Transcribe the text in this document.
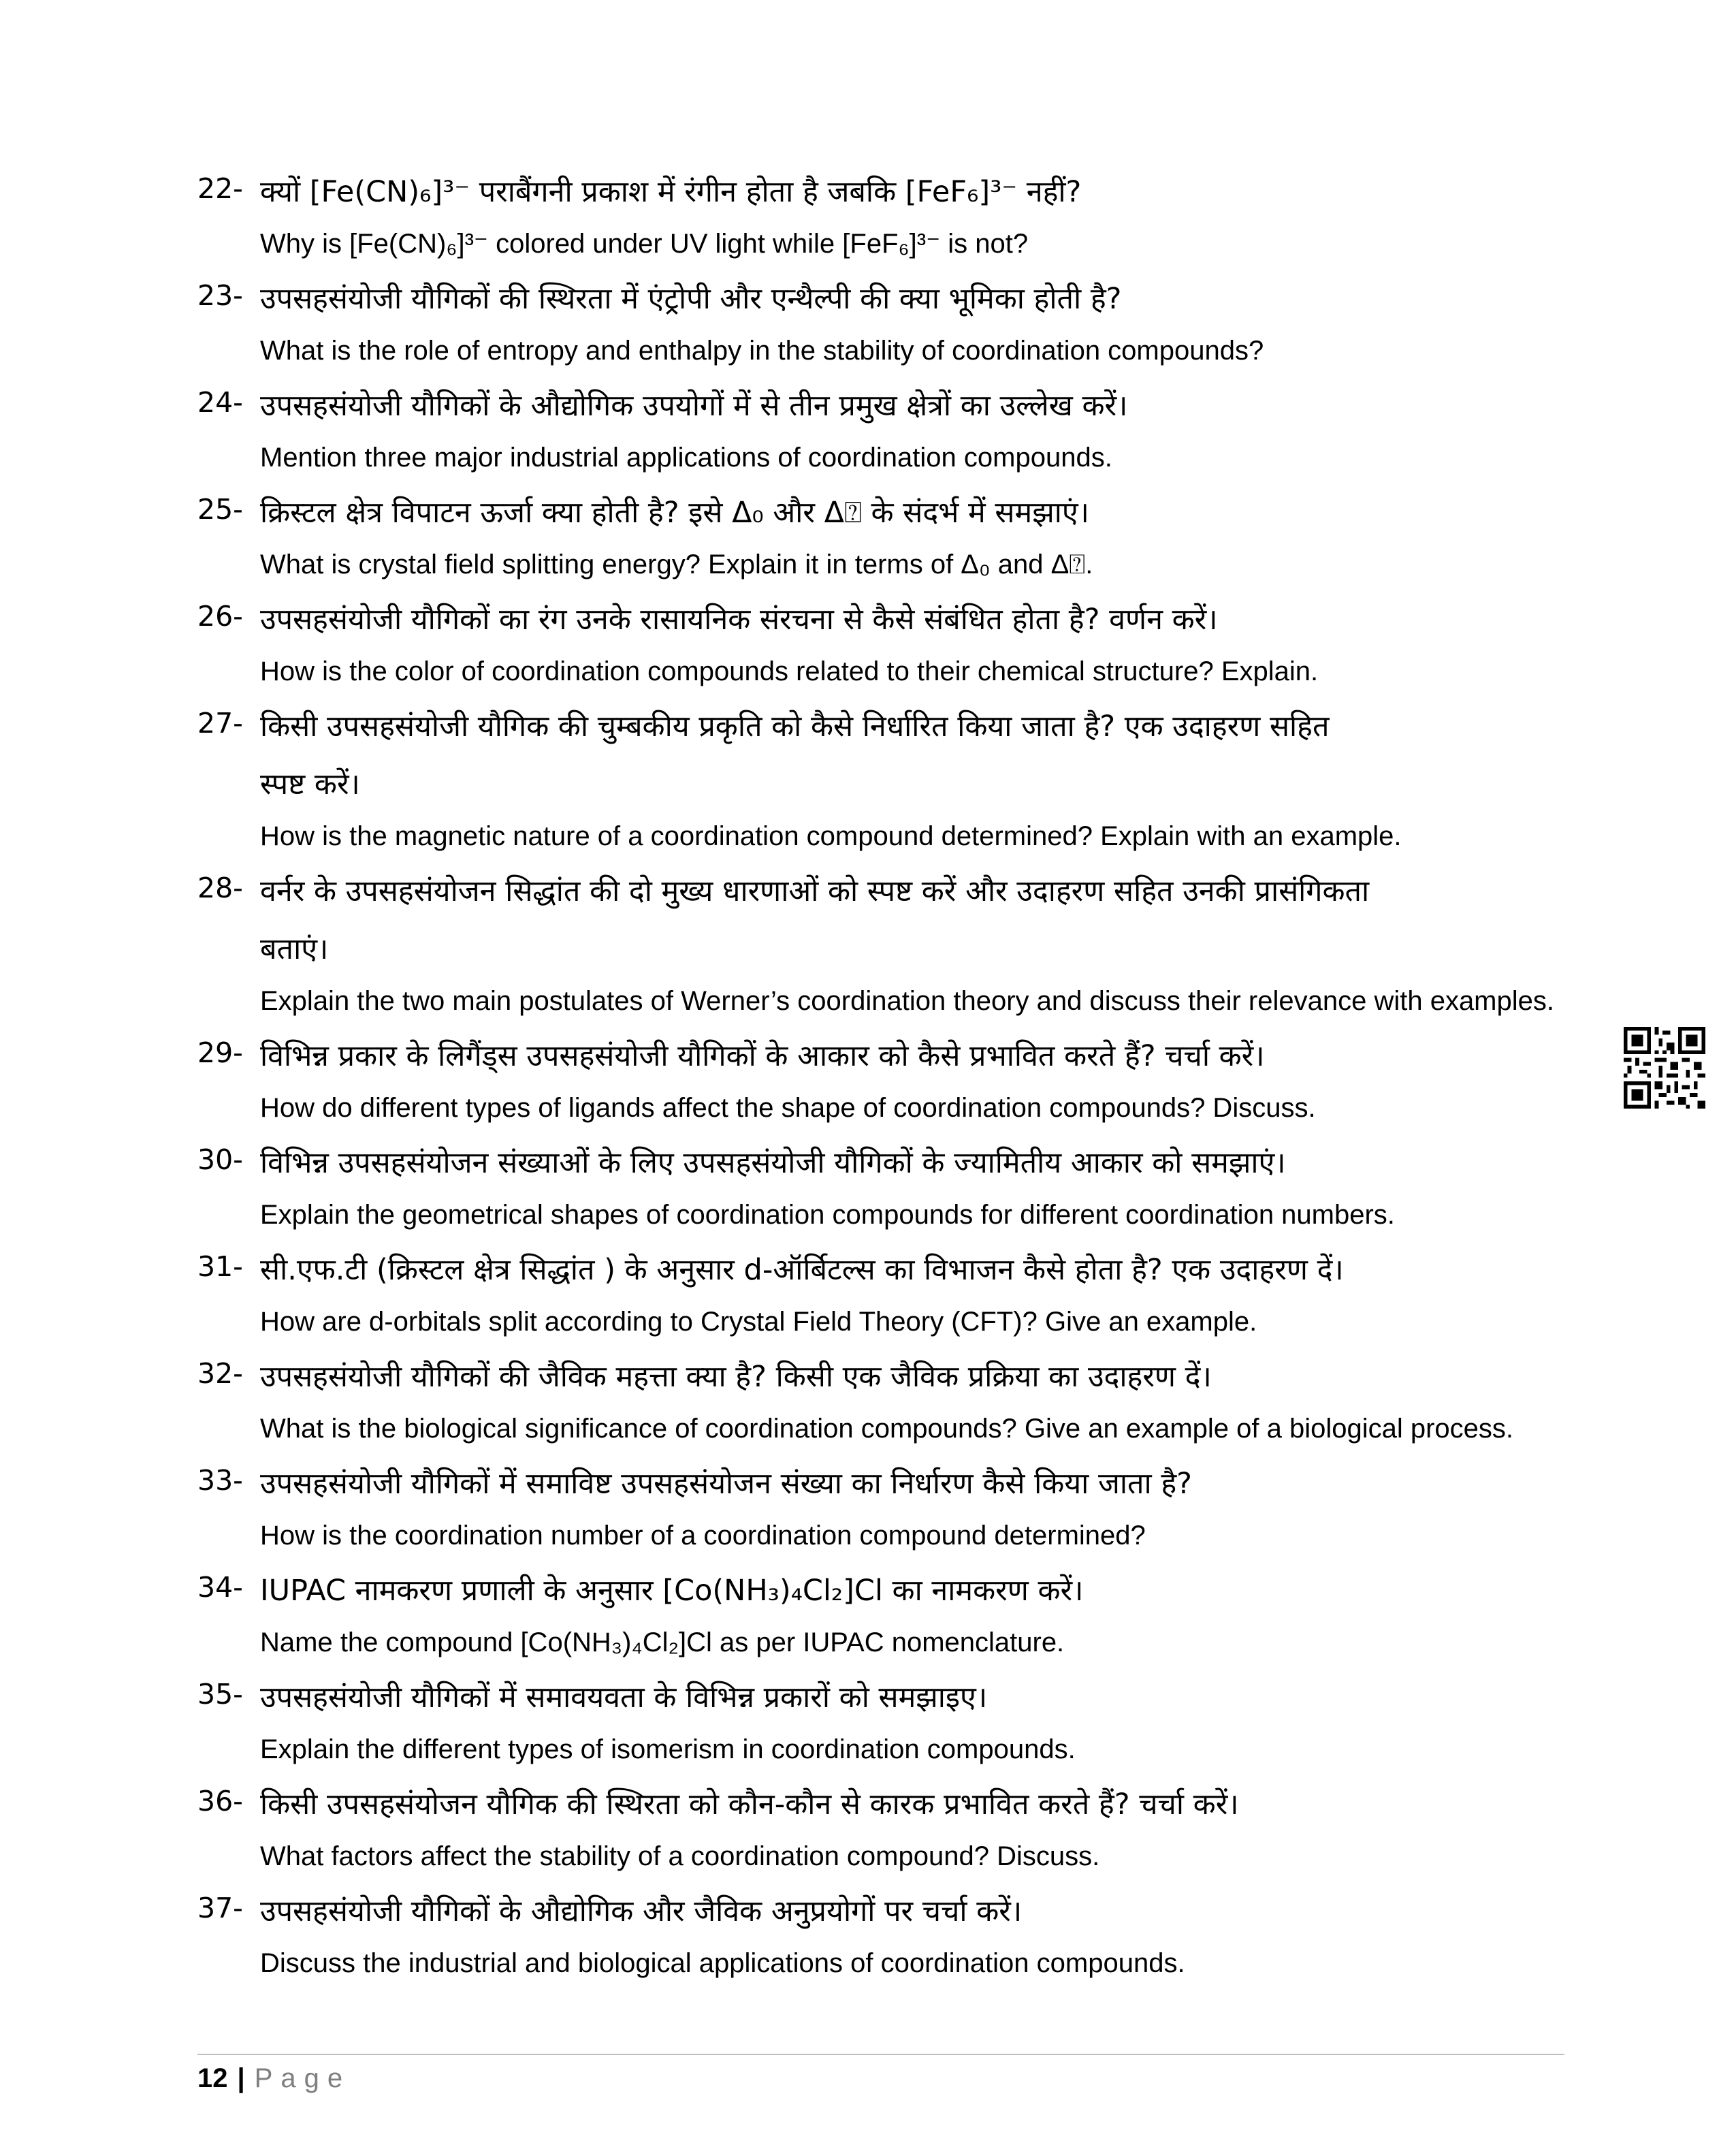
22- क्यों [Fe(CN)₆]³⁻ पराबैंगनी प्रकाश में रंगीन होता है जबकि [FeF₆]³⁻ नहीं?

Why is [Fe(CN)₆]³⁻ colored under UV light while [FeF₆]³⁻ is not?

23- उपसहसंयोजी यौगिकों की स्थिरता में एंट्रोपी और एन्थैल्पी की क्या भूमिका होती है?

What is the role of entropy and enthalpy in the stability of coordination compounds?

24- उपसहसंयोजी यौगिकों के औद्योगिक उपयोगों में से तीन प्रमुख क्षेत्रों का उल्लेख करें।

Mention three major industrial applications of coordination compounds.

25- क्रिस्टल क्षेत्र विपाटन ऊर्जा क्या होती है? इसे Δ₀ और Δ⍰ के संदर्भ में समझाएं।

What is crystal field splitting energy? Explain it in terms of Δ₀ and Δ⍰.

26- उपसहसंयोजी यौगिकों का रंग उनके रासायनिक संरचना से कैसे संबंधित होता है? वर्णन करें।

How is the color of coordination compounds related to their chemical structure? Explain.

27- किसी उपसहसंयोजी यौगिक की चुम्बकीय प्रकृति को कैसे निर्धारित किया जाता है? एक उदाहरण सहित

स्पष्ट करें।

How is the magnetic nature of a coordination compound determined? Explain with an example.

28- वर्नर के उपसहसंयोजन सिद्धांत की दो मुख्य धारणाओं को स्पष्ट करें और उदाहरण सहित उनकी प्रासंगिकता

बताएं।

Explain the two main postulates of Werner’s coordination theory and discuss their relevance with examples.

29- विभिन्न प्रकार के लिगैंड्स उपसहसंयोजी यौगिकों के आकार को कैसे प्रभावित करते हैं? चर्चा करें।

How do different types of ligands affect the shape of coordination compounds? Discuss.

30- विभिन्न उपसहसंयोजन संख्याओं के लिए उपसहसंयोजी यौगिकों के ज्यामितीय आकार को समझाएं।

Explain the geometrical shapes of coordination compounds for different coordination numbers.

31- सी.एफ.टी (क्रिस्टल क्षेत्र सिद्धांत ) के अनुसार d-ऑर्बिटल्स का विभाजन कैसे होता है? एक उदाहरण दें।

How are d-orbitals split according to Crystal Field Theory (CFT)? Give an example.

32- उपसहसंयोजी यौगिकों की जैविक महत्ता क्या है? किसी एक जैविक प्रक्रिया का उदाहरण दें।

What is the biological significance of coordination compounds? Give an example of a biological process.

33- उपसहसंयोजी यौगिकों में समाविष्ट उपसहसंयोजन संख्या का निर्धारण कैसे किया जाता है?

How is the coordination number of a coordination compound determined?

34- IUPAC नामकरण प्रणाली के अनुसार [Co(NH₃)₄Cl₂]Cl का नामकरण करें।

Name the compound [Co(NH₃)₄Cl₂]Cl as per IUPAC nomenclature.

35- उपसहसंयोजी यौगिकों में समावयवता के विभिन्न प्रकारों को समझाइए।

Explain the different types of isomerism in coordination compounds.

36- किसी उपसहसंयोजन यौगिक की स्थिरता को कौन-कौन से कारक प्रभावित करते हैं? चर्चा करें।

What factors affect the stability of a coordination compound? Discuss.

37- उपसहसंयोजी यौगिकों के औद्योगिक और जैविक अनुप्रयोगों पर चर्चा करें।

Discuss the industrial and biological applications of coordination compounds.

12 | Page
